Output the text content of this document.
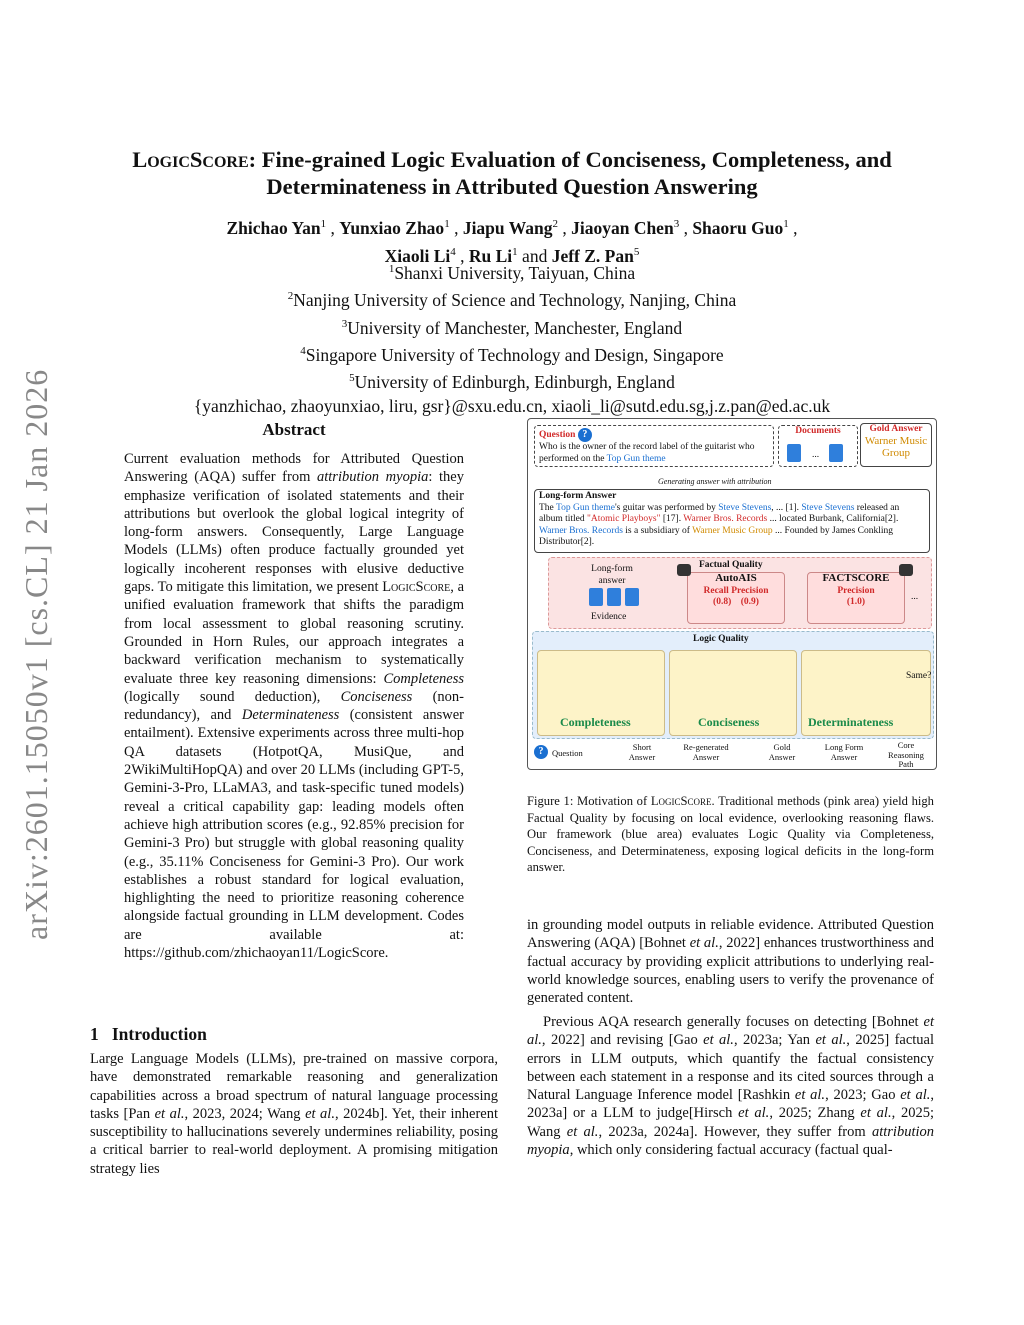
LogicScore: Fine-grained Logic Evaluation of Conciseness, Completeness, and
Determinateness in Attributed Question Answering
Zhichao Yan$^1$ , Yunxiao Zhao$^1$ , Jiapu Wang$^2$ , Jiaoyan Chen$^3$ , Shaoru Guo$^1$ ,
Xiaoli Li$^4$ , Ru Li$^1$ and Jeff Z. Pan$^5$
$^1$Shanxi University, Taiyuan, China
$^2$Nanjing University of Science and Technology, Nanjing, China
$^3$University of Manchester, Manchester, England
$^4$Singapore University of Technology and Design, Singapore
$^5$University of Edinburgh, Edinburgh, England
{yanzhichao, zhaoyunxiao, liru, gsr}@sxu.edu.cn, xiaoli_li@sutd.edu.sg,j.z.pan@ed.ac.uk
arXiv:2601.15050v1 [cs.CL] 21 Jan 2026	Abstract
Current evaluation methods for Attributed Question Answering (AQA) suffer from attribution myopia: they emphasize verification of isolated statements and their attributions but overlook the global logical integrity of long-form answers. Consequently, Large Language Models (LLMs) often produce factually grounded yet logically incoherent responses with elusive deductive gaps. To mitigate this limitation, we present LogicScore, a unified evaluation framework that shifts the paradigm from local assessment to global reasoning scrutiny. Grounded in Horn Rules, our approach integrates a backward verification mechanism to systematically evaluate three key reasoning dimensions: Completeness (logically sound deduction), Conciseness (non-redundancy), and Determinateness (consistent answer entailment). Extensive experiments across three multi-hop QA datasets (HotpotQA, MusiQue, and 2WikiMultiHopQA) and over 20 LLMs (including GPT-5, Gemini-3-Pro, LLaMA3, and task-specific tuned models) reveal a critical capability gap: leading models often achieve high attribution scores (e.g., 92.85% precision for Gemini-3 Pro) but struggle with global reasoning quality (e.g., 35.11% Conciseness for Gemini-3 Pro). Our work establishes a robust standard for logical evaluation, highlighting the need to prioritize reasoning coherence alongside factual grounding in LLM development. Codes are available at: https://github.com/zhichaoyan11/LogicScore.
1 Introduction
Large Language Models (LLMs), pre-trained on massive corpora, have demonstrated remarkable reasoning and generalization capabilities across a broad spectrum of natural language processing tasks [Pan et al., 2023, 2024; Wang et al., 2024b]. Yet, their inherent susceptibility to hallucinations severely undermines reliability, posing a critical barrier to real-world deployment. A promising mitigation strategy lies
in grounding model outputs in reliable evidence. Attributed Question Answering (AQA) [Bohnet et al., 2022] enhances trustworthiness and factual accuracy by providing explicit attributions to underlying real-world knowledge sources, enabling users to verify the provenance of generated content.
Previous AQA research generally focuses on detecting [Bohnet et al., 2022] and revising [Gao et al., 2023a; Yan et al., 2025] factual errors in LLM outputs, which quantify the factual consistency between each statement in a response and its cited sources through a Natural Language Inference model [Rashkin et al., 2023; Gao et al., 2023a] or a LLM to judge[Hirsch et al., 2025; Zhang et al., 2025; Wang et al., 2023a, 2024a]. However, they suffer from attribution myopia, which only considering factual accuracy (factual qual-
Question ?
Who is the owner of the record label of the guitarist who performed on the Top Gun theme
Documents
...
Gold Answer
Warner Music Group
Generating answer with attribution
Long-form Answer
The Top Gun theme's guitar was performed by Steve Stevens, ... [1]. Steve Stevens released an album titled "Atomic Playboys" [17]. Warner Bros. Records ... located Burbank, California[2]. Warner Bros. Records is a subsidiary of Warner Music Group ... Founded by James Conkling Distributor[2].
Factual Quality
Long-form answer
Evidence
AutoAIS
Recall Precision
(0.8) (0.9)
FACTSCORE
Precision
(1.0)	...
Logic Quality
Completeness	Conciseness	Determinateness
Same?
?	Question
Short Answer
Re-generated Answer
Gold Answer
Long Form Answer
Core Reasoning Path
Figure 1: Motivation of LogicScore. Traditional methods (pink area) yield high Factual Quality by focusing on local evidence, overlooking reasoning flaws. Our framework (blue area) evaluates Logic Quality via Completeness, Conciseness, and Determinateness, exposing logical deficits in the long-form answer.
